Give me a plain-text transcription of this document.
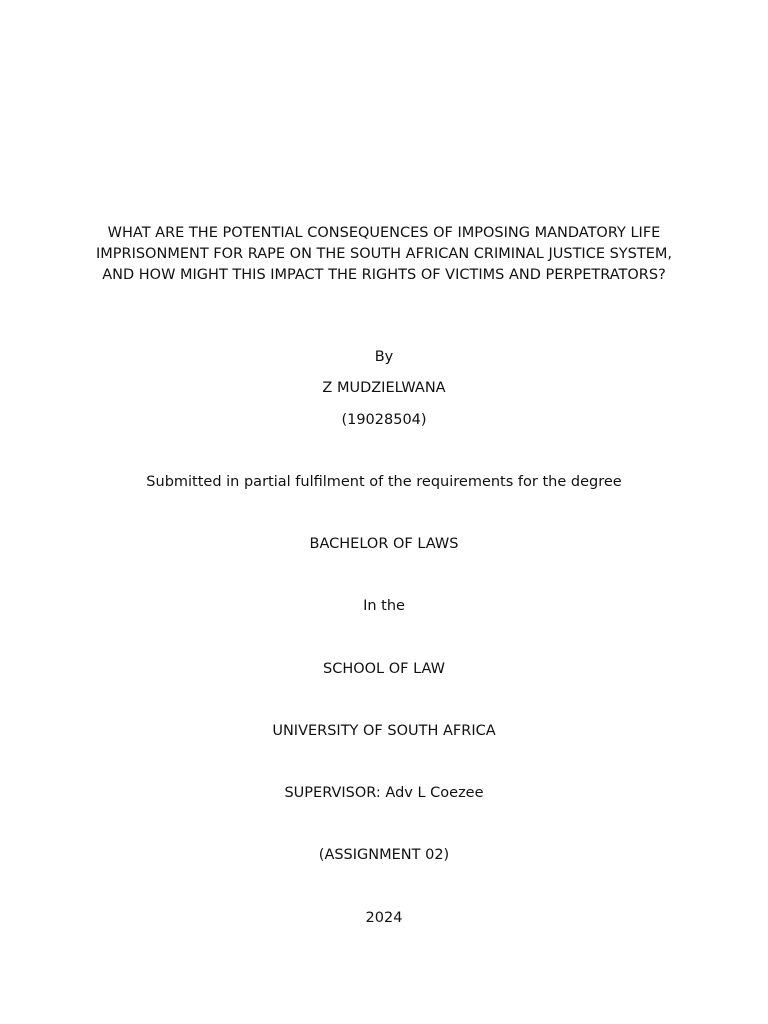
WHAT ARE THE POTENTIAL CONSEQUENCES OF IMPOSING MANDATORY LIFE IMPRISONMENT FOR RAPE ON THE SOUTH AFRICAN CRIMINAL JUSTICE SYSTEM, AND HOW MIGHT THIS IMPACT THE RIGHTS OF VICTIMS AND PERPETRATORS?
By
Z MUDZIELWANA
(19028504)
Submitted in partial fulfilment of the requirements for the degree
BACHELOR OF LAWS
In the
SCHOOL OF LAW
UNIVERSITY OF SOUTH AFRICA
SUPERVISOR: Adv L Coezee
(ASSIGNMENT 02)
2024
